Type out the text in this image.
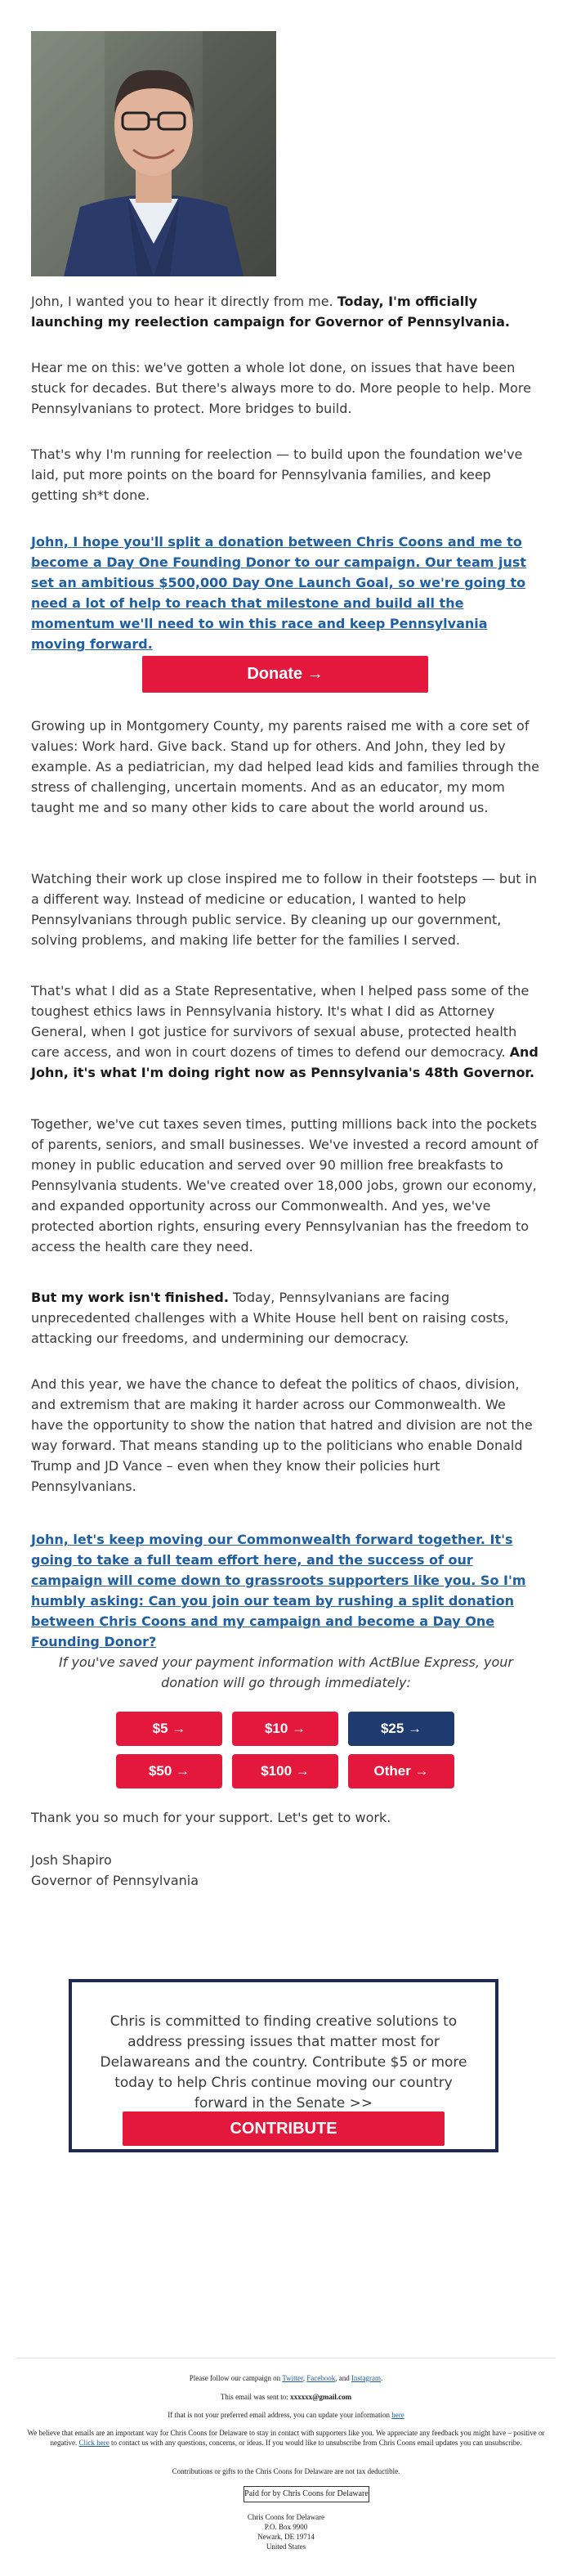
John, I wanted you to hear it directly from me. Today, I'm officially launching my reelection campaign for Governor of Pennsylvania.

Hear me on this: we've gotten a whole lot done, on issues that have been stuck for decades. But there's always more to do. More people to help. More Pennsylvanians to protect. More bridges to build.

That's why I'm running for reelection — to build upon the foundation we've laid, put more points on the board for Pennsylvania families, and keep getting sh*t done.

John, I hope you'll split a donation between Chris Coons and me to become a Day One Founding Donor to our campaign. Our team just set an ambitious $500,000 Day One Launch Goal, so we're going to need a lot of help to reach that milestone and build all the momentum we'll need to win this race and keep Pennsylvania moving forward.

Donate →

Growing up in Montgomery County, my parents raised me with a core set of values: Work hard. Give back. Stand up for others. And John, they led by example. As a pediatrician, my dad helped lead kids and families through the stress of challenging, uncertain moments. And as an educator, my mom taught me and so many other kids to care about the world around us.

Watching their work up close inspired me to follow in their footsteps — but in a different way. Instead of medicine or education, I wanted to help Pennsylvanians through public service. By cleaning up our government, solving problems, and making life better for the families I served.

That's what I did as a State Representative, when I helped pass some of the toughest ethics laws in Pennsylvania history. It's what I did as Attorney General, when I got justice for survivors of sexual abuse, protected health care access, and won in court dozens of times to defend our democracy. And John, it's what I'm doing right now as Pennsylvania's 48th Governor.

Together, we've cut taxes seven times, putting millions back into the pockets of parents, seniors, and small businesses. We've invested a record amount of money in public education and served over 90 million free breakfasts to Pennsylvania students. We've created over 18,000 jobs, grown our economy, and expanded opportunity across our Commonwealth. And yes, we've protected abortion rights, ensuring every Pennsylvanian has the freedom to access the health care they need.

But my work isn't finished. Today, Pennsylvanians are facing unprecedented challenges with a White House hell bent on raising costs, attacking our freedoms, and undermining our democracy.

And this year, we have the chance to defeat the politics of chaos, division, and extremism that are making it harder across our Commonwealth. We have the opportunity to show the nation that hatred and division are not the way forward. That means standing up to the politicians who enable Donald Trump and JD Vance – even when they know their policies hurt Pennsylvanians.

John, let's keep moving our Commonwealth forward together. It's going to take a full team effort here, and the success of our campaign will come down to grassroots supporters like you. So I'm humbly asking: Can you join our team by rushing a split donation between Chris Coons and my campaign and become a Day One Founding Donor?

If you've saved your payment information with ActBlue Express, your donation will go through immediately:
$5 →	$10 →	$25 →
$50 →	$100 →	Other →

Thank you so much for your support. Let's get to work.

Josh Shapiro

Governor of Pennsylvania

Chris is committed to finding creative solutions to address pressing issues that matter most for Delawareans and the country. Contribute $5 or more today to help Chris continue moving our country forward in the Senate >>
CONTRIBUTE
Please follow our campaign on Twitter, Facebook, and Instagram.
This email was sent to: xxxxxx@gmail.com
If that is not your preferred email address, you can update your information here
We believe that emails are an important way for Chris Coons for Delaware to stay in contact with supporters like you. We appreciate any feedback you might have – positive or negative. Click here to contact us with any questions, concerns, or ideas. If you would like to unsubscribe from Chris Coons email updates you can unsubscribe.
Contributions or gifts to the Chris Coons for Delaware are not tax deductible.
Paid for by Chris Coons for Delaware
Chris Coons for Delaware
P.O. Box 9900
Newark, DE 19714
United States
